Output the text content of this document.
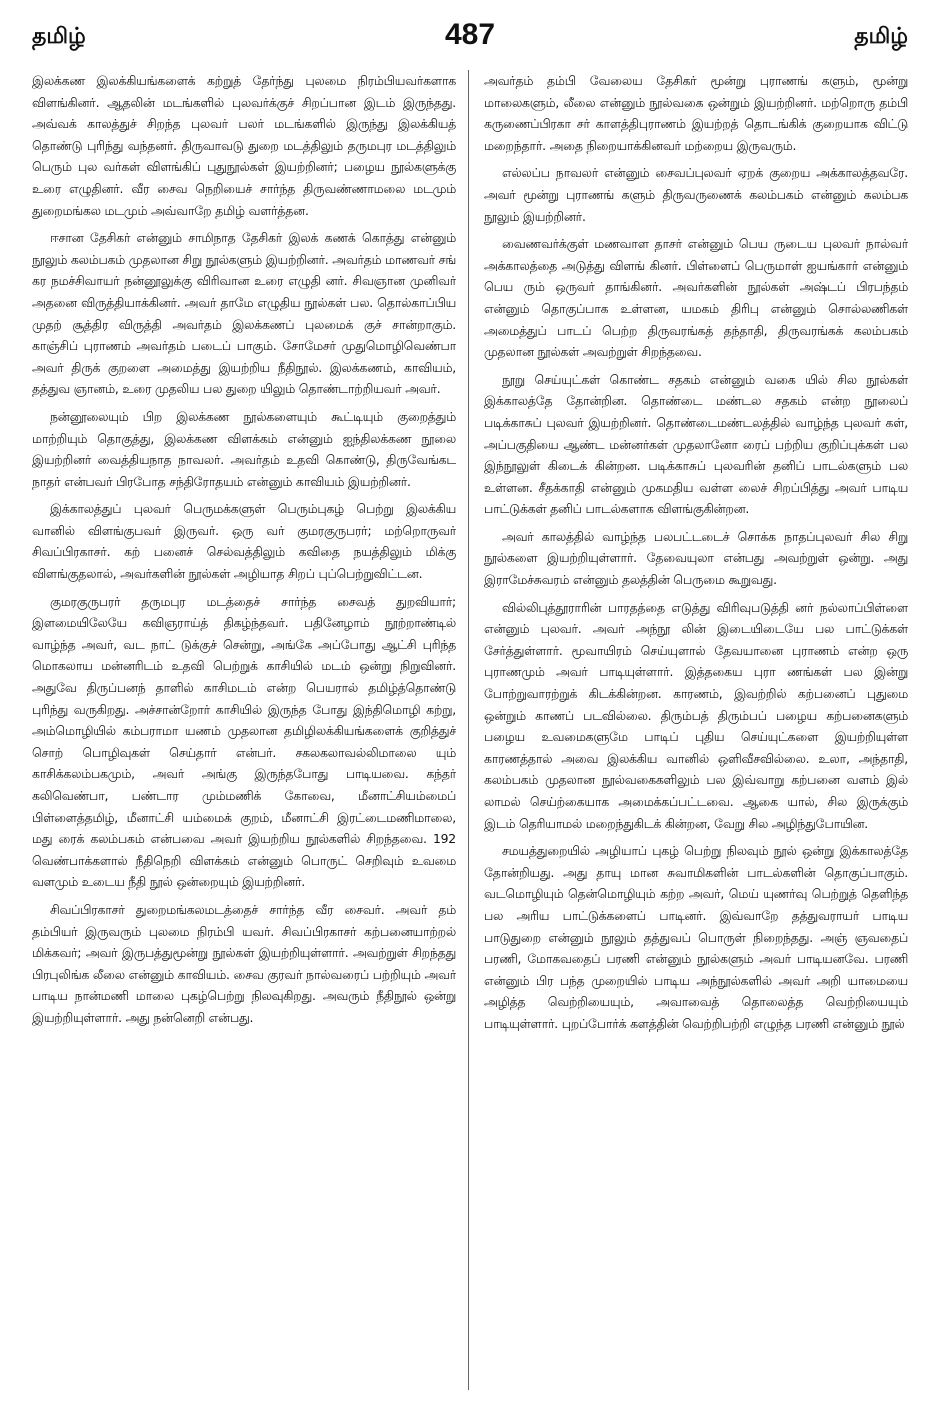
தமிழ்	487	தமிழ்

இலக்கண இலக்கியங்களைக் கற்றுத் தேர்ந்து புலமை நிரம்பியவர்களாக விளங்கினர். ஆதலின் மடங்களில் புலவர்க்குச் சிறப்பான இடம் இருந்தது. அவ்வக் காலத்துச் சிறந்த புலவர் பலர் மடங்களில் இருந்து இலக்கியத் தொண்டு புரிந்து வந்தனர். திருவாவடு துறை மடத்திலும் தருமபுர மடத்திலும் பெரும் புல வர்கள் விளங்கிப் புதுநூல்கள் இயற்றினர்; பழைய நூல்களுக்கு உரை எழுதினர். வீர சைவ நெறியைச் சார்ந்த திருவண்ணாமலை மடமும் துறைமங்கல மடமும் அவ்வாறே தமிழ் வளர்த்தன.

ஈசான தேசிகர் என்னும் சாமிநாத தேசிகர் இலக் கணக் கொத்து என்னும் நூலும் கலம்பகம் முதலான சிறு நூல்களும் இயற்றினர். அவர்தம் மாணவர் சங் கர நமச்சிவாயர் நன்னூலுக்கு விரிவான உரை எழுதி னர். சிவஞான முனிவர் அதனை விருத்தியாக்கினர். அவர் தாமே எழுதிய நூல்கள் பல. தொல்காப்பிய முதற் சூத்திர விருத்தி அவர்தம் இலக்கணப் புலமைக் குச் சான்றாகும். காஞ்சிப் புராணம் அவர்தம் படைப் பாகும். சோமேசர் முதுமொழிவெண்பா அவர் திருக் குறளை அமைத்து இயற்றிய நீதிநூல். இலக்கணம், காவியம், தத்துவ ஞானம், உரை முதலிய பல துறை யிலும் தொண்டாற்றியவர் அவர்.

நன்னூலையும் பிற இலக்கண நூல்களையும் கூட்டியும் குறைத்தும் மாற்றியும் தொகுத்து, இலக்கண விளக்கம் என்னும் ஐந்திலக்கண நூலை இயற்றினர் வைத்தியநாத நாவலர். அவர்தம் உதவி கொண்டு, திருவேங்கட நாதர் என்பவர் பிரபோத சந்திரோதயம் என்னும் காவியம் இயற்றினர்.

இக்காலத்துப் புலவர் பெருமக்களுள் பெரும்புகழ் பெற்று இலக்கிய வானில் விளங்குபவர் இருவர். ஒரு வர் குமரகுருபரர்; மற்றொருவர் சிவப்பிரகாசர். கற் பனைச் செல்வத்திலும் கவிதை நயத்திலும் மிக்கு விளங்குதலால், அவர்களின் நூல்கள் அழியாத சிறப் புப்பெற்றுவிட்டன.

குமரகுருபரர் தருமபுர மடத்தைச் சார்ந்த சைவத் துறவியார்; இளமையிலேயே கவிஞராய்த் திகழ்ந்தவர். பதினேழாம் நூற்றாண்டில் வாழ்ந்த அவர், வட நாட் டுக்குச் சென்று, அங்கே அப்போது ஆட்சி புரிந்த மொகலாய மன்னரிடம் உதவி பெற்றுக் காசியில் மடம் ஒன்று நிறுவினர். அதுவே திருப்பனந் தாளில் காசிமடம் என்ற பெயரால் தமிழ்த்தொண்டு புரிந்து வருகிறது. அச்சான்றோர் காசியில் இருந்த போது இந்திமொழி கற்று, அம்மொழியில் கம்பராமா யணம் முதலான தமிழிலக்கியங்களைக் குறித்துச் சொற் பொழிவுகள் செய்தார் என்பர். சகலகலாவல்லிமாலை யும் காசிக்கலம்பகமும், அவர் அங்கு இருந்தபோது பாடியவை. கந்தர் கலிவெண்பா, பண்டார மும்மணிக் கோவை, மீனாட்சியம்மைப் பிள்ளைத்தமிழ், மீனாட்சி யம்மைக் குறம், மீனாட்சி இரட்டைமணிமாலை, மது ரைக் கலம்பகம் என்பவை அவர் இயற்றிய நூல்களில் சிறந்தவை. 192 வெண்பாக்களால் நீதிநெறி விளக்கம் என்னும் பொருட் செறிவும் உவமை வளமும் உடைய நீதி நூல் ஒன்றையும் இயற்றினர்.

சிவப்பிரகாசர் துறைமங்கலமடத்தைச் சார்ந்த வீர சைவர். அவர் தம் தம்பியர் இருவரும் புலமை நிரம்பி யவர். சிவப்பிரகாசர் கற்பனையாற்றல் மிக்கவர்; அவர் இருபத்துமூன்று நூல்கள் இயற்றியுள்ளார். அவற்றுள் சிறந்தது பிரபுலிங்க லீலை என்னும் காவியம். சைவ குரவர் நால்வரைப் பற்றியும் அவர் பாடிய நான்மணி மாலை புகழ்பெற்று நிலவுகிறது. அவரும் நீதிநூல் ஒன்று இயற்றியுள்ளார். அது நன்னெறி என்பது.

அவர்தம் தம்பி வேலைய தேசிகர் மூன்று புராணங் களும், மூன்று மாலைகளும், லீலை என்னும் நூல்வகை ஒன்றும் இயற்றினர். மற்றொரு தம்பி கருணைப்பிரகா சர் காளத்திபுராணம் இயற்றத் தொடங்கிக் குறையாக விட்டு மறைந்தார். அதை நிறையாக்கினவர் மற்றைய இருவரும்.

எல்லப்ப நாவலர் என்னும் சைவப்புலவர் ஏறக் குறைய அக்காலத்தவரே. அவர் மூன்று புராணங் களும் திருவருணைக் கலம்பகம் என்னும் கலம்பக நூலும் இயற்றினர்.

வைணவர்க்குள் மணவாள தாசர் என்னும் பெய ருடைய புலவர் நால்வர் அக்காலத்தை அடுத்து விளங் கினர். பிள்ளைப் பெருமாள் ஐயங்கார் என்னும் பெய ரும் ஒருவர் தாங்கினர். அவர்களின் நூல்கள் அஷ்டப் பிரபந்தம் என்னும் தொகுப்பாக உள்ளன, யமகம் திரிபு என்னும் சொல்லணிகள் அமைத்துப் பாடப் பெற்ற திருவரங்கத் தந்தாதி, திருவரங்கக் கலம்பகம் முதலான நூல்கள் அவற்றுள் சிறந்தவை.

நூறு செய்யுட்கள் கொண்ட சதகம் என்னும் வகை யில் சில நூல்கள் இக்காலத்தே தோன்றின. தொண்டை மண்டல சதகம் என்ற நூலைப் படிக்காசுப் புலவர் இயற்றினர். தொண்டைமண்டலத்தில் வாழ்ந்த புலவர் கள், அப்பகுதியை ஆண்ட மன்னர்கள் முதலானோ ரைப் பற்றிய குறிப்புக்கள் பல இந்நூலுள் கிடைக் கின்றன. படிக்காசுப் புலவரின் தனிப் பாடல்களும் பல உள்ளன. சீதக்காதி என்னும் முகமதிய வள்ள லைச் சிறப்பித்து அவர் பாடிய பாட்டுக்கள் தனிப் பாடல்களாக விளங்குகின்றன.

அவர் காலத்தில் வாழ்ந்த பலபட்டடைச் சொக்க நாதப்புலவர் சில சிறு நூல்களை இயற்றியுள்ளார். தேவையுலா என்பது அவற்றுள் ஒன்று. அது இராமேச்சுவரம் என்னும் தலத்தின் பெருமை கூறுவது.

வில்லிபுத்தூராரின் பாரதத்தை எடுத்து விரிவுபடுத்தி னர் நல்லாப்பிள்ளை என்னும் புலவர். அவர் அந்நூ லின் இடையிடையே பல பாட்டுக்கள் சேர்த்துள்ளார். மூவாயிரம் செய்யுளால் தேவயானை புராணம் என்ற ஒரு புராணமும் அவர் பாடியுள்ளார். இத்தகைய புரா ணங்கள் பல இன்று போற்றுவாரற்றுக் கிடக்கின்றன. காரணம், இவற்றில் கற்பனைப் புதுமை ஒன்றும் காணப் படவில்லை. திரும்பத் திரும்பப் பழைய கற்பனைகளும் பழைய உவமைகளுமே பாடிப் புதிய செய்யுட்களை இயற்றியுள்ள காரணத்தால் அவை இலக்கிய வானில் ஒளிவீசவில்லை. உலா, அந்தாதி, கலம்பகம் முதலான நூல்வகைகளிலும் பல இவ்வாறு கற்பனை வளம் இல் லாமல் செய்ற்கையாக அமைக்கப்பட்டவை. ஆகை யால், சில இருக்கும் இடம் தெரியாமல் மறைந்துகிடக் கின்றன, வேறு சில அழிந்துபோயின.

சமயத்துறையில் அழியாப் புகழ் பெற்று நிலவும் நூல் ஒன்று இக்காலத்தே தோன்றியது. அது தாயு மான சுவாமிகளின் பாடல்களின் தொகுப்பாகும். வடமொழியும் தென்மொழியும் கற்ற அவர், மெய் யுணர்வு பெற்றுத் தெளிந்த பல அரிய பாட்டுக்களைப் பாடினர். இவ்வாறே தத்துவராயர் பாடிய பாடுதுறை என்னும் நூலும் தத்துவப் பொருள் நிறைந்தது. அஞ் ஞவதைப் பரணி, மோகவதைப் பரணி என்னும் நூல்களும் அவர் பாடியனவே. பரணி என்னும் பிர பந்த முறையில் பாடிய அந்நூல்களில் அவர் அறி யாமையை அழித்த வெற்றியையும், அவாவைத் தொலைத்த வெற்றியையும் பாடியுள்ளார். புறப்போர்க் களத்தின் வெற்றிபற்றி எழுந்த பரணி என்னும் நூல்
